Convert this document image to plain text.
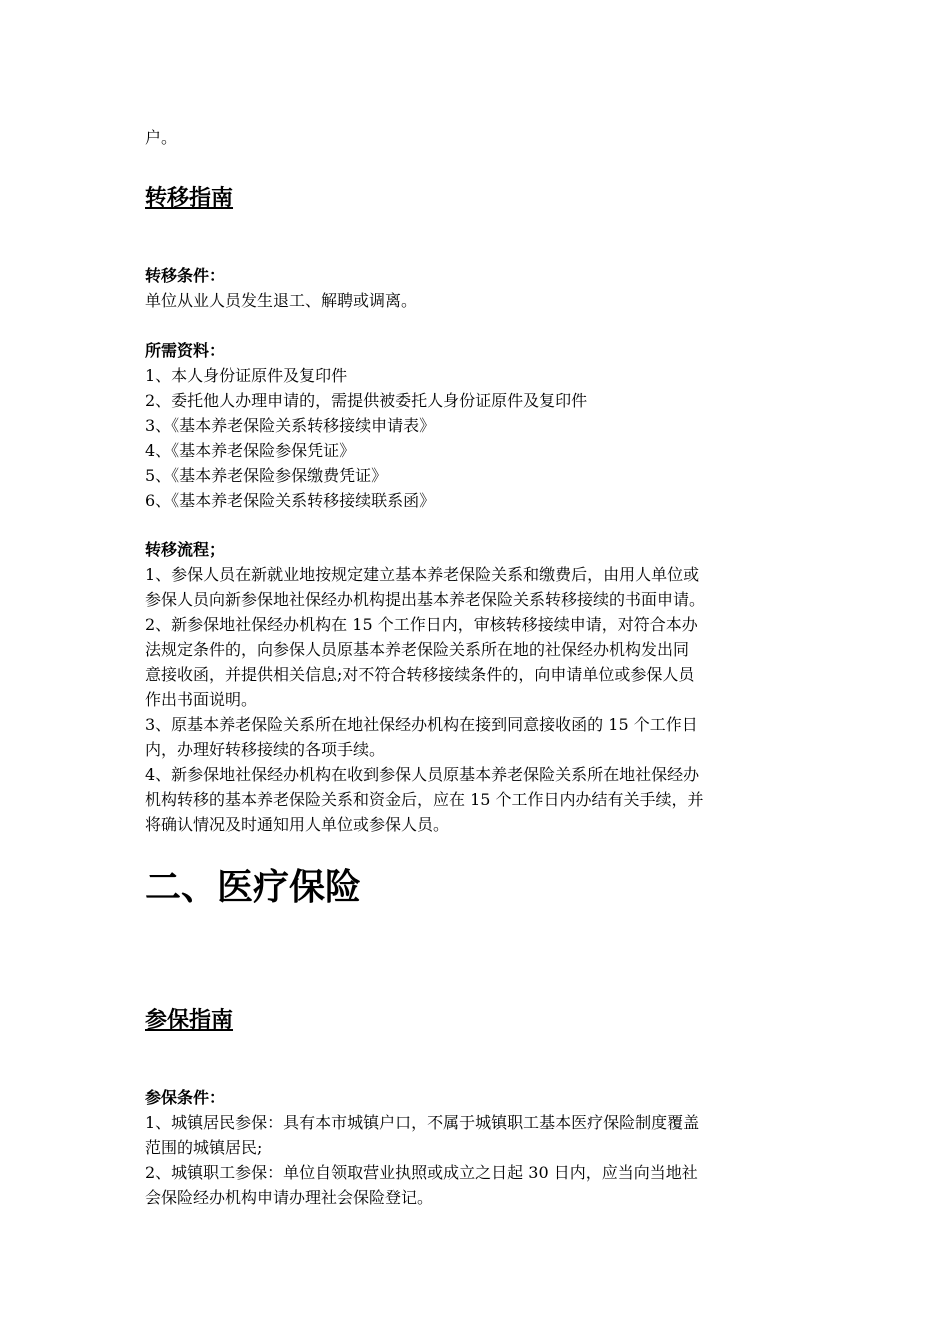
户。

转移指南

转移条件：

单位从业人员发生退工、解聘或调离。

所需资料：

1、本人身份证原件及复印件

2、委托他人办理申请的，需提供被委托人身份证原件及复印件

3、《基本养老保险关系转移接续申请表》

4、《基本养老保险参保凭证》

5、《基本养老保险参保缴费凭证》

6、《基本养老保险关系转移接续联系函》

转移流程；

1、参保人员在新就业地按规定建立基本养老保险关系和缴费后，由用人单位或
参保人员向新参保地社保经办机构提出基本养老保险关系转移接续的书面申请。

2、新参保地社保经办机构在 15 个工作日内，审核转移接续申请，对符合本办
法规定条件的，向参保人员原基本养老保险关系所在地的社保经办机构发出同
意接收函，并提供相关信息;对不符合转移接续条件的，向申请单位或参保人员
作出书面说明。

3、原基本养老保险关系所在地社保经办机构在接到同意接收函的 15 个工作日
内，办理好转移接续的各项手续。

4、新参保地社保经办机构在收到参保人员原基本养老保险关系所在地社保经办
机构转移的基本养老保险关系和资金后，应在 15 个工作日内办结有关手续，并
将确认情况及时通知用人单位或参保人员。

二、医疗保险

参保指南

参保条件：

1、城镇居民参保：具有本市城镇户口，不属于城镇职工基本医疗保险制度覆盖
范围的城镇居民;

2、城镇职工参保：单位自领取营业执照或成立之日起 30 日内，应当向当地社
会保险经办机构申请办理社会保险登记。
